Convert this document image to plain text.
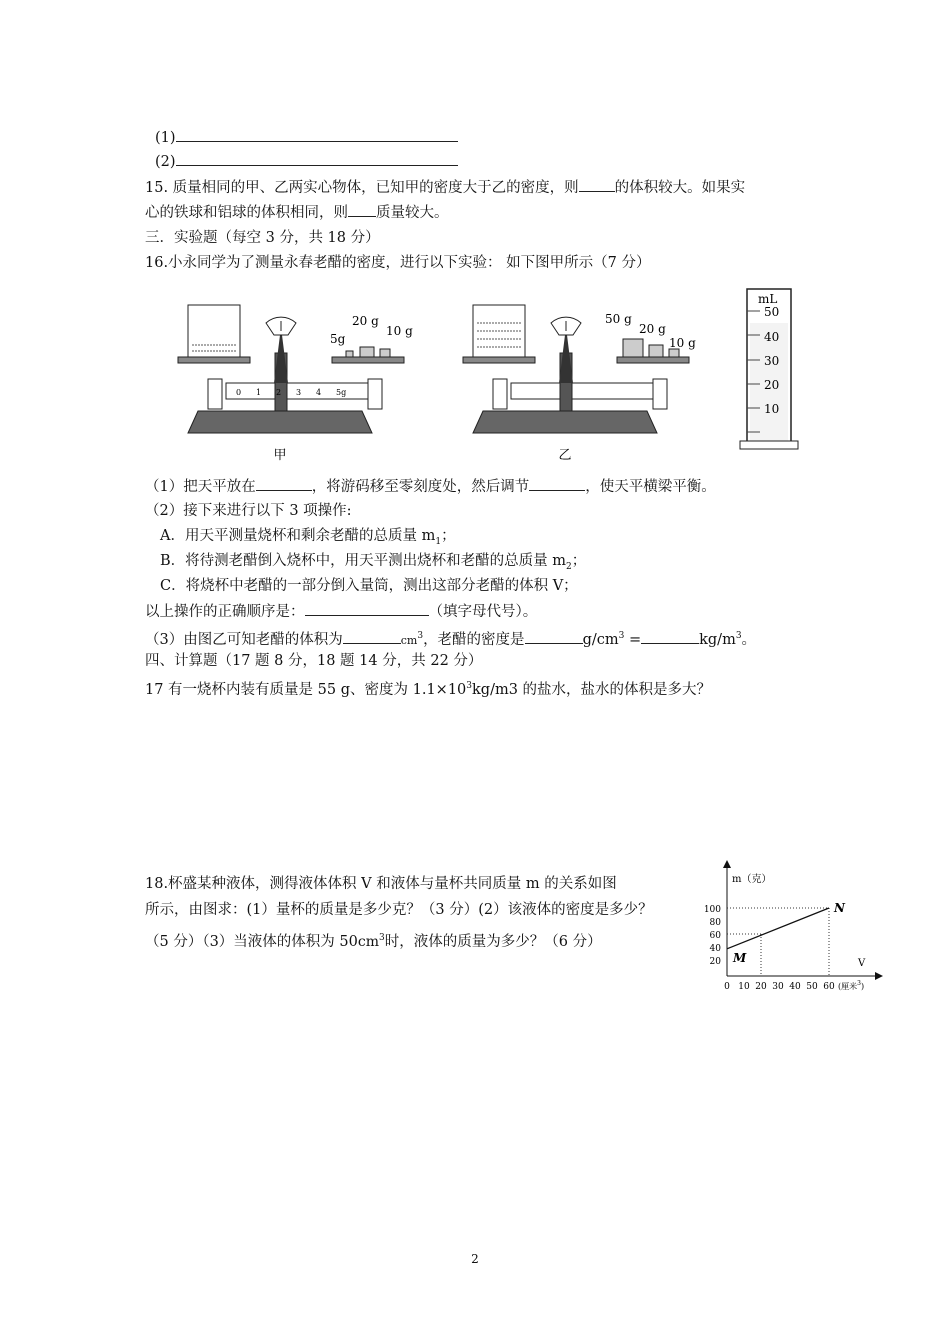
(1)
(2)
15. 质量相同的甲、乙两实心物体，已知甲的密度大于乙的密度，则 的体积较大。如果实
心的铁球和铝球的体积相同，则 质量较大。
三．实验题（每空 3 分，共 18 分）
16.小永同学为了测量永春老醋的密度，进行以下实验： 如下图甲所示（7 分）
甲
5g
20 g
10 g
0 1 2 3 4 5g
乙
50 g
20 g
10 g
mL
50
40
30
20
10
（1）把天平放在	，将游码移至零刻度处，然后调节	，使天平横梁平衡。
（2）接下来进行以下 3 项操作:
A．用天平测量烧杯和剩余老醋的总质量 $m_1$；
B．将待测老醋倒入烧杯中，用天平测出烧杯和老醋的总质量 $m_2$；
C．将烧杯中老醋的一部分倒入量筒，测出这部分老醋的体积 V；
以上操作的正确顺序是：	（填字母代号）。
（3）由图乙可知老醋的体积为	$cm^3$，老醋的密度是	$g/cm^3$ =	$kg/m^3$。
四、计算题（17 题 8 分，18 题 14 分，共 22 分）
17 有一烧杯内装有质量是 55 g、密度为 $1.1\times 10^3kg/m3$ 的盐水，盐水的体积是多大？
18.杯盛某种液体，测得液体体积 V 和液体与量杯共同质量 m 的关系如图
所示，由图求：(1）量杯的质量是多少克？（3 分）(2）该液体的密度是多少？
（5 分）（3）当液体的体积为 $50cm^3$时，液体的质量为多少？（6 分）
m（克）
V
100
80
60
40
20
0 10 20 30 40 50 60 (厘米$^3$)
M
N
2
